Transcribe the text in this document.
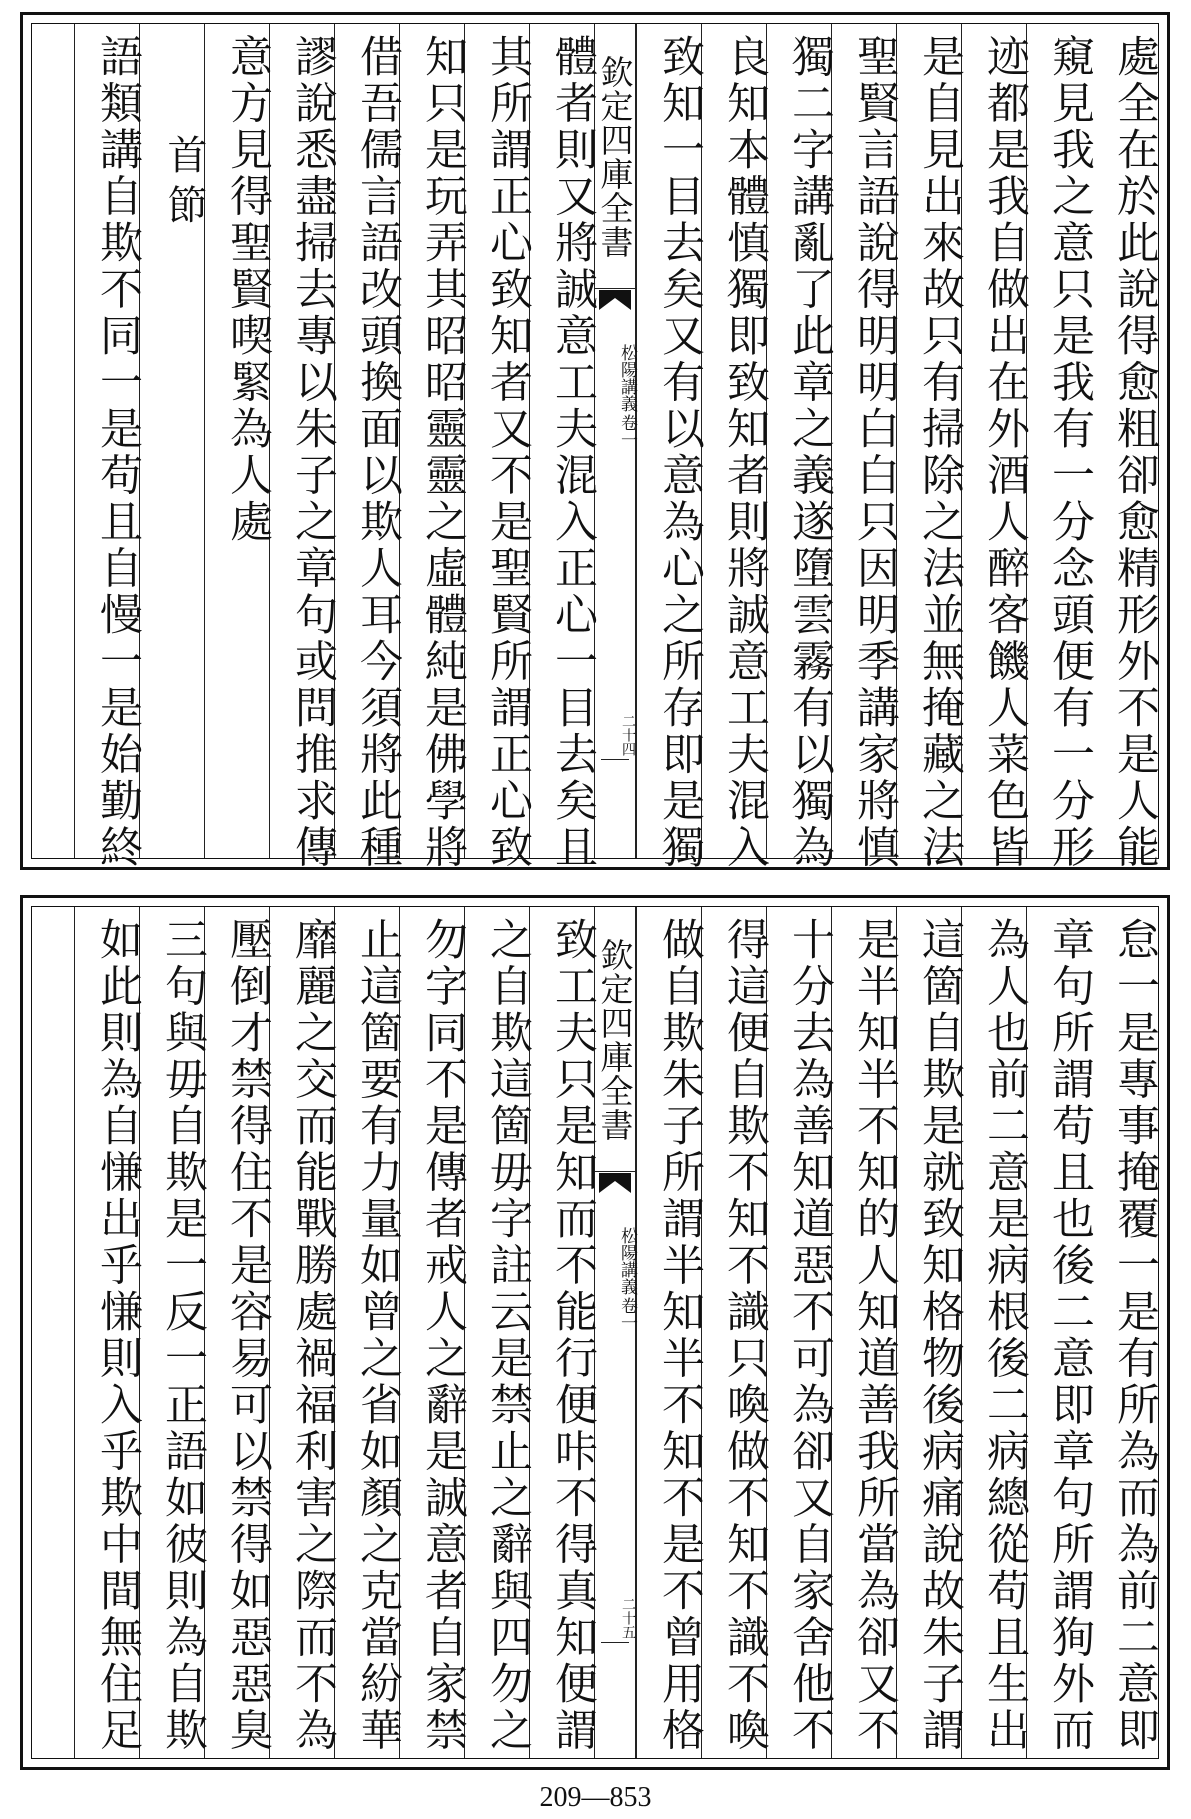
處全在於此說得愈粗卻愈精形外不是人能
窺見我之意只是我有一分念頭便有一分形
迹都是我自做出在外酒人醉客饑人菜色皆
是自見出來故只有掃除之法並無掩藏之法
聖賢言語說得明明白白只因明季講家將慎
獨二字講亂了此章之義遂墮雲霧有以獨為
良知本體慎獨即致知者則將誠意工夫混入
致知一目去矣又有以意為心之所存即是獨
欽定四庫全書
松陽講義
卷一
二十四
體者則又將誠意工夫混入正心一目去矣且
其所謂正心致知者又不是聖賢所謂正心致
知只是玩弄其昭昭靈靈之虛體純是佛學將
借吾儒言語改頭換面以欺人耳今須將此種
謬說悉盡掃去專以朱子之章句或問推求傳
意方見得聖賢喫緊為人處
首節
語類講自欺不同一是苟且自慢一是始勤終
怠一是專事掩覆一是有所為而為前二意即
章句所謂苟且也後二意即章句所謂狥外而
為人也前二意是病根後二病總從苟且生出
這箇自欺是就致知格物後病痛說故朱子謂
是半知半不知的人知道善我所當為卻又不
十分去為善知道惡不可為卻又自家舍他不
得這便自欺不知不識只喚做不知不識不喚
做自欺朱子所謂半知半不知不是不曾用格
欽定四庫全書
松陽講義
卷一
二十五
致工夫只是知而不能行便咔不得真知便謂
之自欺這箇毋字註云是禁止之辭與四勿之
勿字同不是傳者戒人之辭是誠意者自家禁
止這箇要有力量如曾之省如顏之克當紛華
靡麗之交而能戰勝處禍福利害之際而不為
壓倒才禁得住不是容易可以禁得如惡惡臭
三句與毋自欺是一反一正語如彼則為自欺
如此則為自慊出乎慊則入乎欺中間無住足
209—853
